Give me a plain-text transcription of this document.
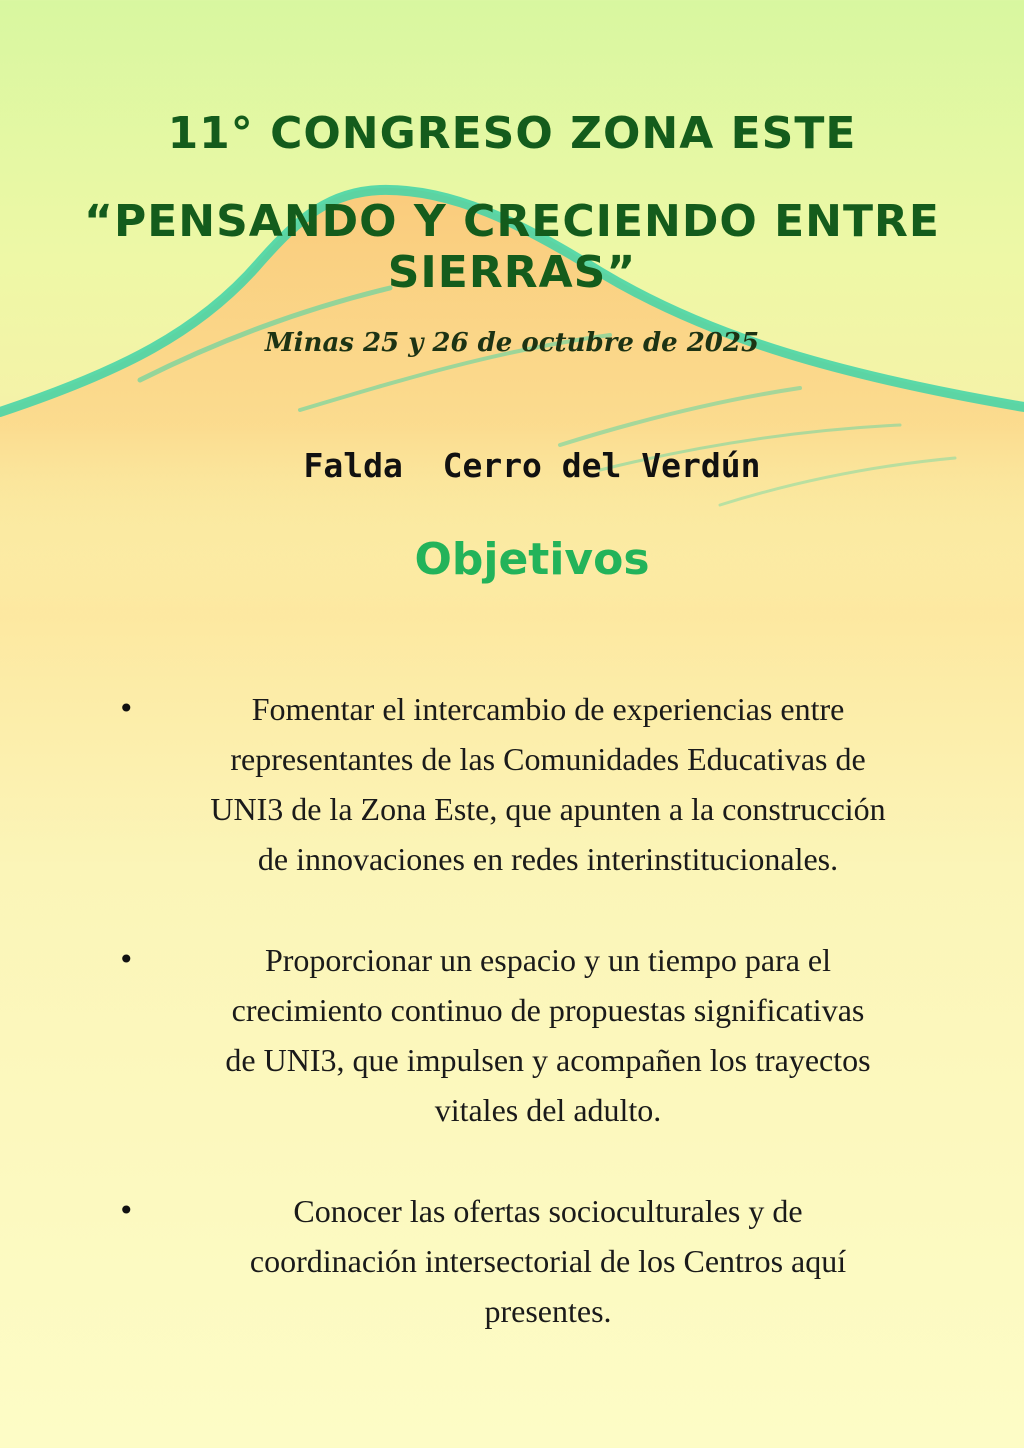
11° CONGRESO ZONA ESTE
“PENSANDO Y CRECIENDO ENTRE SIERRAS”
Minas 25 y 26 de octubre de 2025
Falda  Cerro del Verdún
Objetivos
•	Fomentar el intercambio de experiencias entre
representantes de las Comunidades Educativas de
UNI3 de la Zona Este, que apunten a la construcción
de innovaciones en redes interinstitucionales.
•	Proporcionar un espacio y un tiempo para el
crecimiento continuo de propuestas significativas
de UNI3, que impulsen y acompañen los trayectos
vitales del adulto.
•	Conocer las ofertas socioculturales y de
coordinación intersectorial de los Centros aquí
presentes.
